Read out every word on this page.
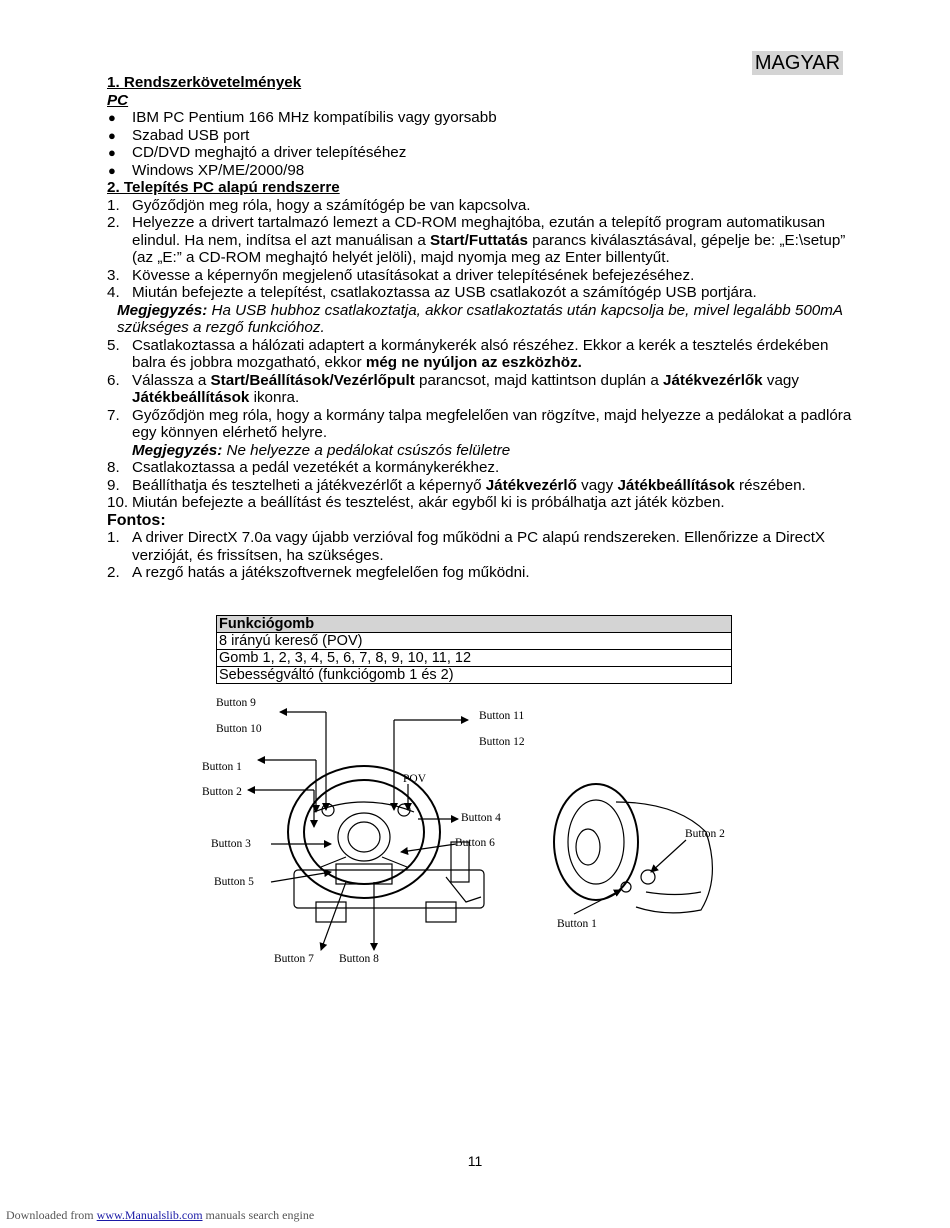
MAGYAR
1. Rendszerkövetelmények
PC
● IBM PC Pentium 166 MHz kompatíbilis vagy gyorsabb
● Szabad USB port
● CD/DVD meghajtó a driver telepítéséhez
● Windows XP/ME/2000/98
2. Telepítés PC alapú rendszerre
1. Győződjön meg róla, hogy a számítógép be van kapcsolva.
2. Helyezze a drivert tartalmazó lemezt a CD-ROM meghajtóba, ezután a telepítő program automatikusan elindul. Ha nem, indítsa el azt manuálisan a Start/Futtatás parancs kiválasztásával, gépelje be: „E:\setup” (az „E:” a CD-ROM meghajtó helyét jelöli), majd nyomja meg az Enter billentyűt.
3. Kövesse a képernyőn megjelenő utasításokat a driver telepítésének befejezéséhez.
4. Miután befejezte a telepítést, csatlakoztassa az USB csatlakozót a számítógép USB portjára.
Megjegyzés: Ha USB hubhoz csatlakoztatja, akkor csatlakoztatás után kapcsolja be, mivel legalább 500mA szükséges a rezgő funkcióhoz.
5. Csatlakoztassa a hálózati adaptert a kormánykerék alsó részéhez. Ekkor a kerék a tesztelés érdekében balra és jobbra mozgatható, ekkor még ne nyúljon az eszközhöz.
6. Válassza a Start/Beállítások/Vezérlőpult parancsot, majd kattintson duplán a Játékvezérlők vagy Játékbeállítások ikonra.
7. Győződjön meg róla, hogy a kormány talpa megfelelően van rögzítve, majd helyezze a pedálokat a padlóra egy könnyen elérhető helyre.
Megjegyzés: Ne helyezze a pedálokat csúszós felületre
8. Csatlakoztassa a pedál vezetékét a kormánykerékhez.
9. Beállíthatja és tesztelheti a játékvezérlőt a képernyő Játékvezérlő vagy Játékbeállítások részében.
10. Miután befejezte a beállítást és tesztelést, akár egyből ki is próbálhatja azt játék közben.
Fontos:
1. A driver DirectX 7.0a vagy újabb verzióval fog működni a PC alapú rendszereken. Ellenőrizze a DirectX verzióját, és frissítsen, ha szükséges.
2. A rezgő hatás a játékszoftvernek megfelelően fog működni.
Funkciógomb
8 irányú kereső (POV)
Gomb 1, 2, 3, 4, 5, 6, 7, 8, 9, 10, 11, 12
Sebességváltó (funkciógomb 1 és 2)
Button 9
Button 10
Button 11
Button 12
Button 1
Button 2
POV
Button 4
Button 3	Button 6
Button 5
Button 7 Button 8
Button 2
Button 1
11
Downloaded from www.Manualslib.com manuals search engine
